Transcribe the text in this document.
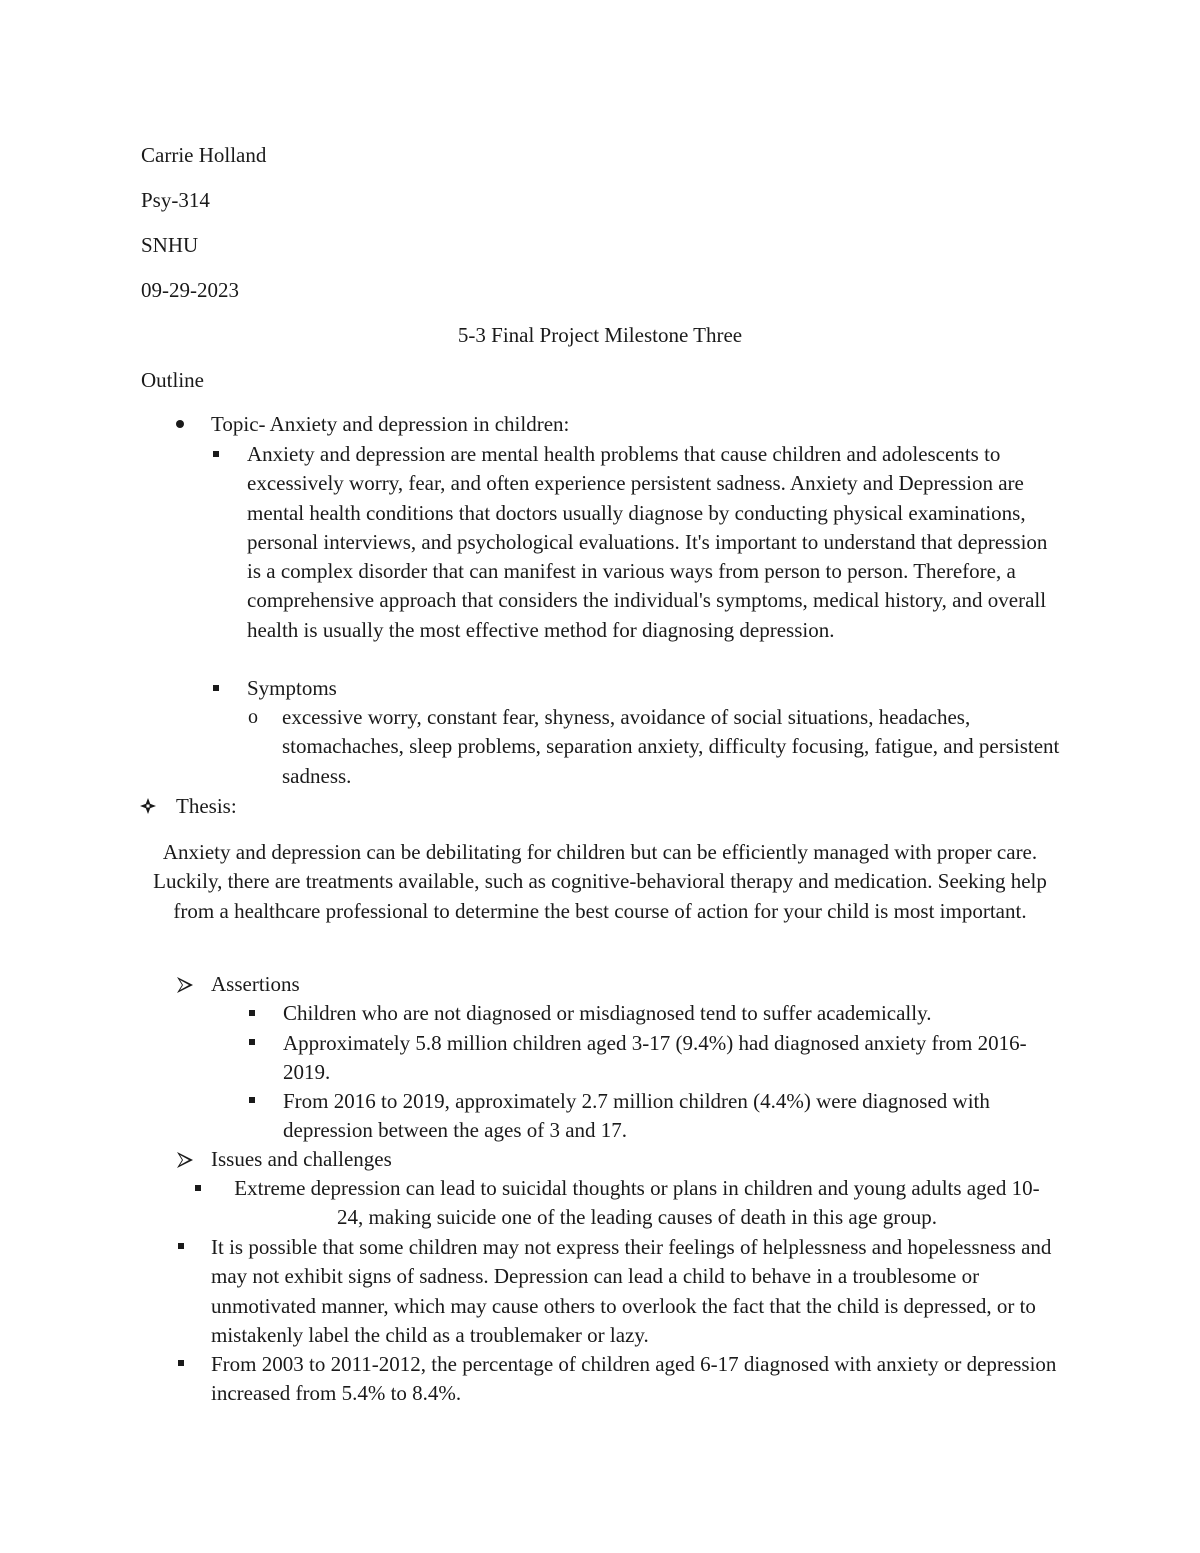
Carrie Holland
Psy-314
SNHU
09-29-2023
5-3 Final Project Milestone Three
Outline
Topic- Anxiety and depression in children:
Anxiety and depression are mental health problems that cause children and adolescents to excessively worry, fear, and often experience persistent sadness. Anxiety and Depression are mental health conditions that doctors usually diagnose by conducting physical examinations, personal interviews, and psychological evaluations. It's important to understand that depression is a complex disorder that can manifest in various ways from person to person. Therefore, a comprehensive approach that considers the individual's symptoms, medical history, and overall health is usually the most effective method for diagnosing depression.
Symptoms
o excessive worry, constant fear, shyness, avoidance of social situations, headaches, stomachaches, sleep problems, separation anxiety, difficulty focusing, fatigue, and persistent sadness.
Thesis:
Anxiety and depression can be debilitating for children but can be efficiently managed with proper care. Luckily, there are treatments available, such as cognitive-behavioral therapy and medication. Seeking help from a healthcare professional to determine the best course of action for your child is most important.
Assertions
Children who are not diagnosed or misdiagnosed tend to suffer academically.
Approximately 5.8 million children aged 3-17 (9.4%) had diagnosed anxiety from 2016-2019.
From 2016 to 2019, approximately 2.7 million children (4.4%) were diagnosed with depression between the ages of 3 and 17.
Issues and challenges
Extreme depression can lead to suicidal thoughts or plans in children and young adults aged 10-24, making suicide one of the leading causes of death in this age group.
It is possible that some children may not express their feelings of helplessness and hopelessness and may not exhibit signs of sadness. Depression can lead a child to behave in a troublesome or unmotivated manner, which may cause others to overlook the fact that the child is depressed, or to mistakenly label the child as a troublemaker or lazy.
From 2003 to 2011-2012, the percentage of children aged 6-17 diagnosed with anxiety or depression increased from 5.4% to 8.4%.
